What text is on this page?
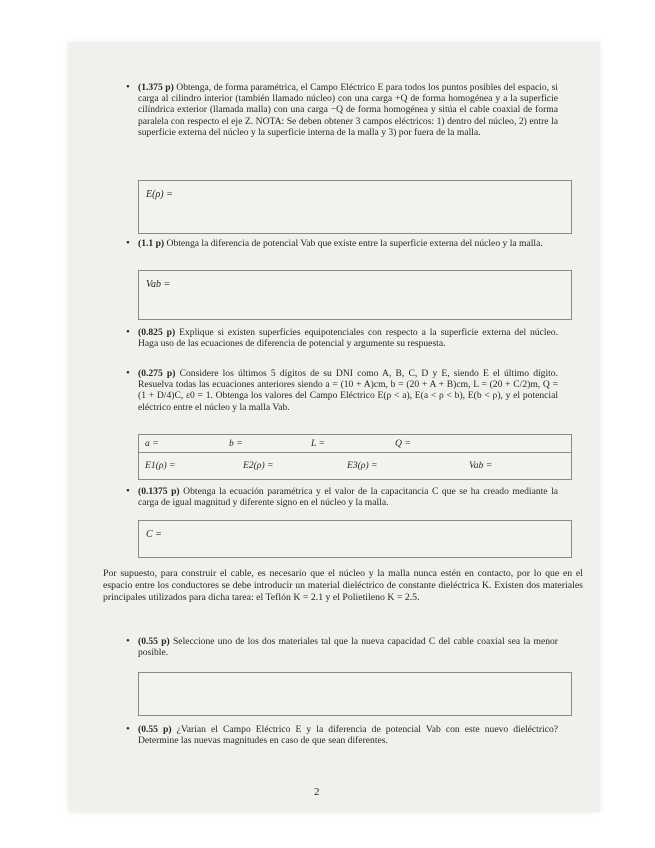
• (1.375 p) Obtenga, de forma paramétrica, el Campo Eléctrico E para todos los puntos posibles del espacio, si carga al cilindro interior (también llamado núcleo) con una carga +Q de forma homogénea y a la superficie cilíndrica exterior (llamada malla) con una carga −Q de forma homogénea y sitúa el cable coaxial de forma paralela con respecto el eje Z. NOTA: Se deben obtener 3 campos eléctricos: 1) dentro del núcleo, 2) entre la superficie externa del núcleo y la superficie interna de la malla y 3) por fuera de la malla.
E(ρ) =
• (1.1 p) Obtenga la diferencia de potencial Vab que existe entre la superficie externa del núcleo y la malla.
Vab =
• (0.825 p) Explique si existen superficies equipotenciales con respecto a la superficie externa del núcleo. Haga uso de las ecuaciones de diferencia de potencial y argumente su respuesta.
• (0.275 p) Considere los últimos 5 dígitos de su DNI como A, B, C, D y E, siendo E el último dígito. Resuelva todas las ecuaciones anteriores siendo a = (10 + A)cm, b = (20 + A + B)cm, L = (20 + C/2)m, Q = (1 + D/4)C, ε0 = 1. Obtenga los valores del Campo Eléctrico E(ρ < a), E(a < ρ < b), E(b < ρ), y el potencial eléctrico entre el núcleo y la malla Vab.
a =	b =	L =	Q =
E1(ρ) =	E2(ρ) =	E3(ρ) =	Vab =
• (0.1375 p) Obtenga la ecuación paramétrica y el valor de la capacitancia C que se ha creado mediante la carga de igual magnitud y diferente signo en el núcleo y la malla.
C =
Por supuesto, para construir el cable, es necesario que el núcleo y la malla nunca estén en contacto, por lo que en el espacio entre los conductores se debe introducir un material dieléctrico de constante dieléctrica K. Existen dos materiales principales utilizados para dicha tarea: el Teflón K = 2.1 y el Polietileno K = 2.5.
• (0.55 p) Seleccione uno de los dos materiales tal que la nueva capacidad C del cable coaxial sea la menor posible.
• (0.55 p) ¿Varían el Campo Eléctrico E y la diferencia de potencial Vab con este nuevo dieléctrico? Determine las nuevas magnitudes en caso de que sean diferentes.
2
